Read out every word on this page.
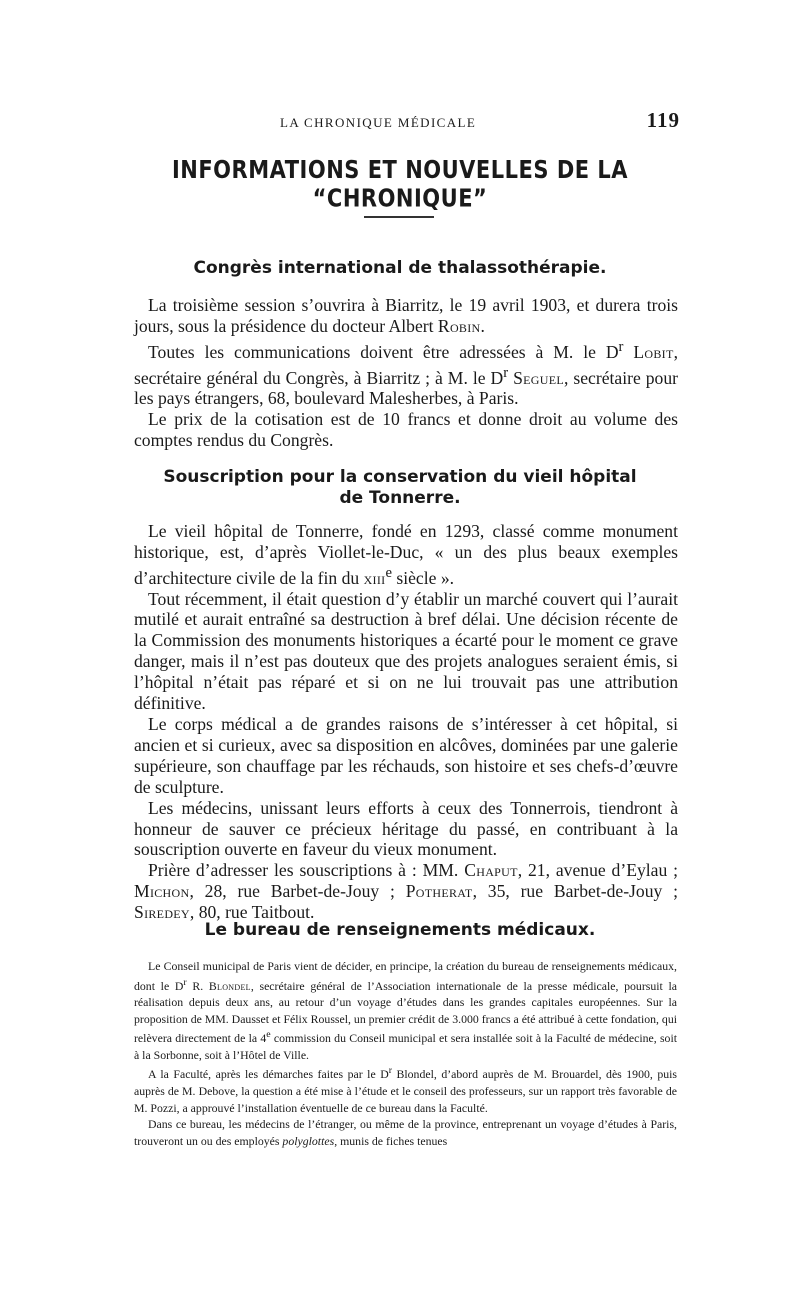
LA CHRONIQUE MÉDICALE	119
INFORMATIONS ET NOUVELLES DE LA “CHRONIQUE”
Congrès international de thalassothérapie.

La troisième session s’ouvrira à Biarritz, le 19 avril 1903, et durera trois jours, sous la présidence du docteur Albert Robin.

Toutes les communications doivent être adressées à M. le $D^r$ Lobit, secrétaire général du Congrès, à Biarritz ; à M. le $D^r$ Seguel, secrétaire pour les pays étrangers, 68, boulevard Malesherbes, à Paris.

Le prix de la cotisation est de 10 francs et donne droit au volume des comptes rendus du Congrès.

Souscription pour la conservation du vieil hôpital
de Tonnerre.

Le vieil hôpital de Tonnerre, fondé en 1293, classé comme monument historique, est, d’après Viollet-le-Duc, « un des plus beaux exemples d’architecture civile de la fin du xiii$^e$ siècle ».

Tout récemment, il était question d’y établir un marché couvert qui l’aurait mutilé et aurait entraîné sa destruction à bref délai. Une décision récente de la Commission des monuments historiques a écarté pour le moment ce grave danger, mais il n’est pas douteux que des projets analogues seraient émis, si l’hôpital n’était pas réparé et si on ne lui trouvait pas une attribution définitive.

Le corps médical a de grandes raisons de s’intéresser à cet hôpital, si ancien et si curieux, avec sa disposition en alcôves, dominées par une galerie supérieure, son chauffage par les réchauds, son histoire et ses chefs-d’œuvre de sculpture.

Les médecins, unissant leurs efforts à ceux des Tonnerrois, tiendront à honneur de sauver ce précieux héritage du passé, en contribuant à la souscription ouverte en faveur du vieux monument.

Prière d’adresser les souscriptions à : MM. Chaput, 21, avenue d’Eylau ; Michon, 28, rue Barbet-de-Jouy ; Potherat, 35, rue Barbet-de-Jouy ; Siredey, 80, rue Taitbout.

Le bureau de renseignements médicaux.

Le Conseil municipal de Paris vient de décider, en principe, la création du bureau de renseignements médicaux, dont le $D^r$ R. Blondel, secrétaire général de l’Association internationale de la presse médicale, poursuit la réalisation depuis deux ans, au retour d’un voyage d’études dans les grandes capitales européennes. Sur la proposition de MM. Dausset et Félix Roussel, un premier crédit de 3.000 francs a été attribué à cette fondation, qui relèvera directement de la 4e commission du Conseil municipal et sera installée soit à la Faculté de médecine, soit à la Sorbonne, soit à l’Hôtel de Ville.

A la Faculté, après les démarches faites par le $D^r$ Blondel, d’abord auprès de M. Brouardel, dès 1900, puis auprès de M. Debove, la question a été mise à l’étude et le conseil des professeurs, sur un rapport très favorable de M. Pozzi, a approuvé l’installation éventuelle de ce bureau dans la Faculté.

Dans ce bureau, les médecins de l’étranger, ou même de la province, entreprenant un voyage d’études à Paris, trouveront un ou des employés polyglottes, munis de fiches tenues
